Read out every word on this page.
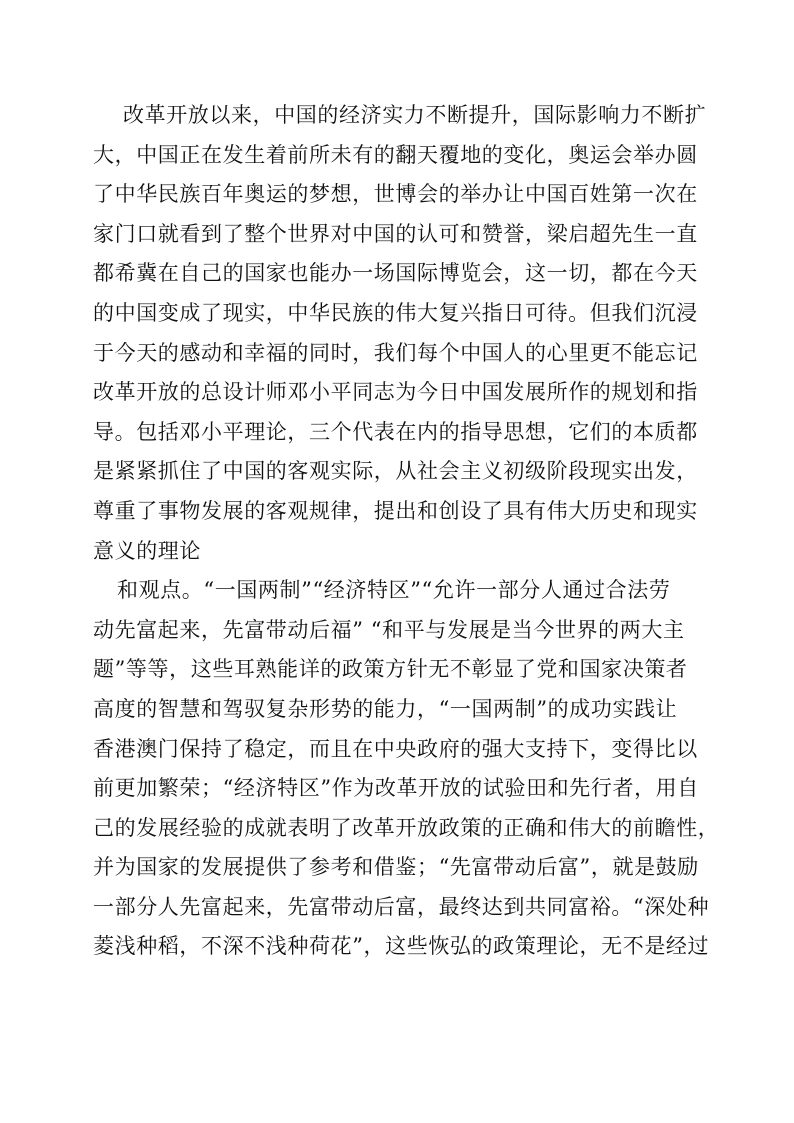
改革开放以来，中国的经济实力不断提升，国际影响力不断扩
大，中国正在发生着前所未有的翻天覆地的变化，奥运会举办圆
了中华民族百年奥运的梦想，世博会的举办让中国百姓第一次在
家门口就看到了整个世界对中国的认可和赞誉，梁启超先生一直
都希冀在自己的国家也能办一场国际博览会，这一切，都在今天
的中国变成了现实，中华民族的伟大复兴指日可待。但我们沉浸
于今天的感动和幸福的同时，我们每个中国人的心里更不能忘记
改革开放的总设计师邓小平同志为今日中国发展所作的规划和指
导。包括邓小平理论，三个代表在内的指导思想，它们的本质都
是紧紧抓住了中国的客观实际，从社会主义初级阶段现实出发，
尊重了事物发展的客观规律，提出和创设了具有伟大历史和现实
意义的理论
和观点。“一国两制”“经济特区”“允许一部分人通过合法劳
动先富起来，先富带动后福” “和平与发展是当今世界的两大主
题”等等，这些耳熟能详的政策方针无不彰显了党和国家决策者
高度的智慧和驾驭复杂形势的能力，“一国两制”的成功实践让
香港澳门保持了稳定，而且在中央政府的强大支持下，变得比以
前更加繁荣；“经济特区”作为改革开放的试验田和先行者，用自
己的发展经验的成就表明了改革开放政策的正确和伟大的前瞻性，
并为国家的发展提供了参考和借鉴；“先富带动后富”，就是鼓励
一部分人先富起来，先富带动后富，最终达到共同富裕。“深处种
菱浅种稻，不深不浅种荷花”，这些恢弘的政策理论，无不是经过
